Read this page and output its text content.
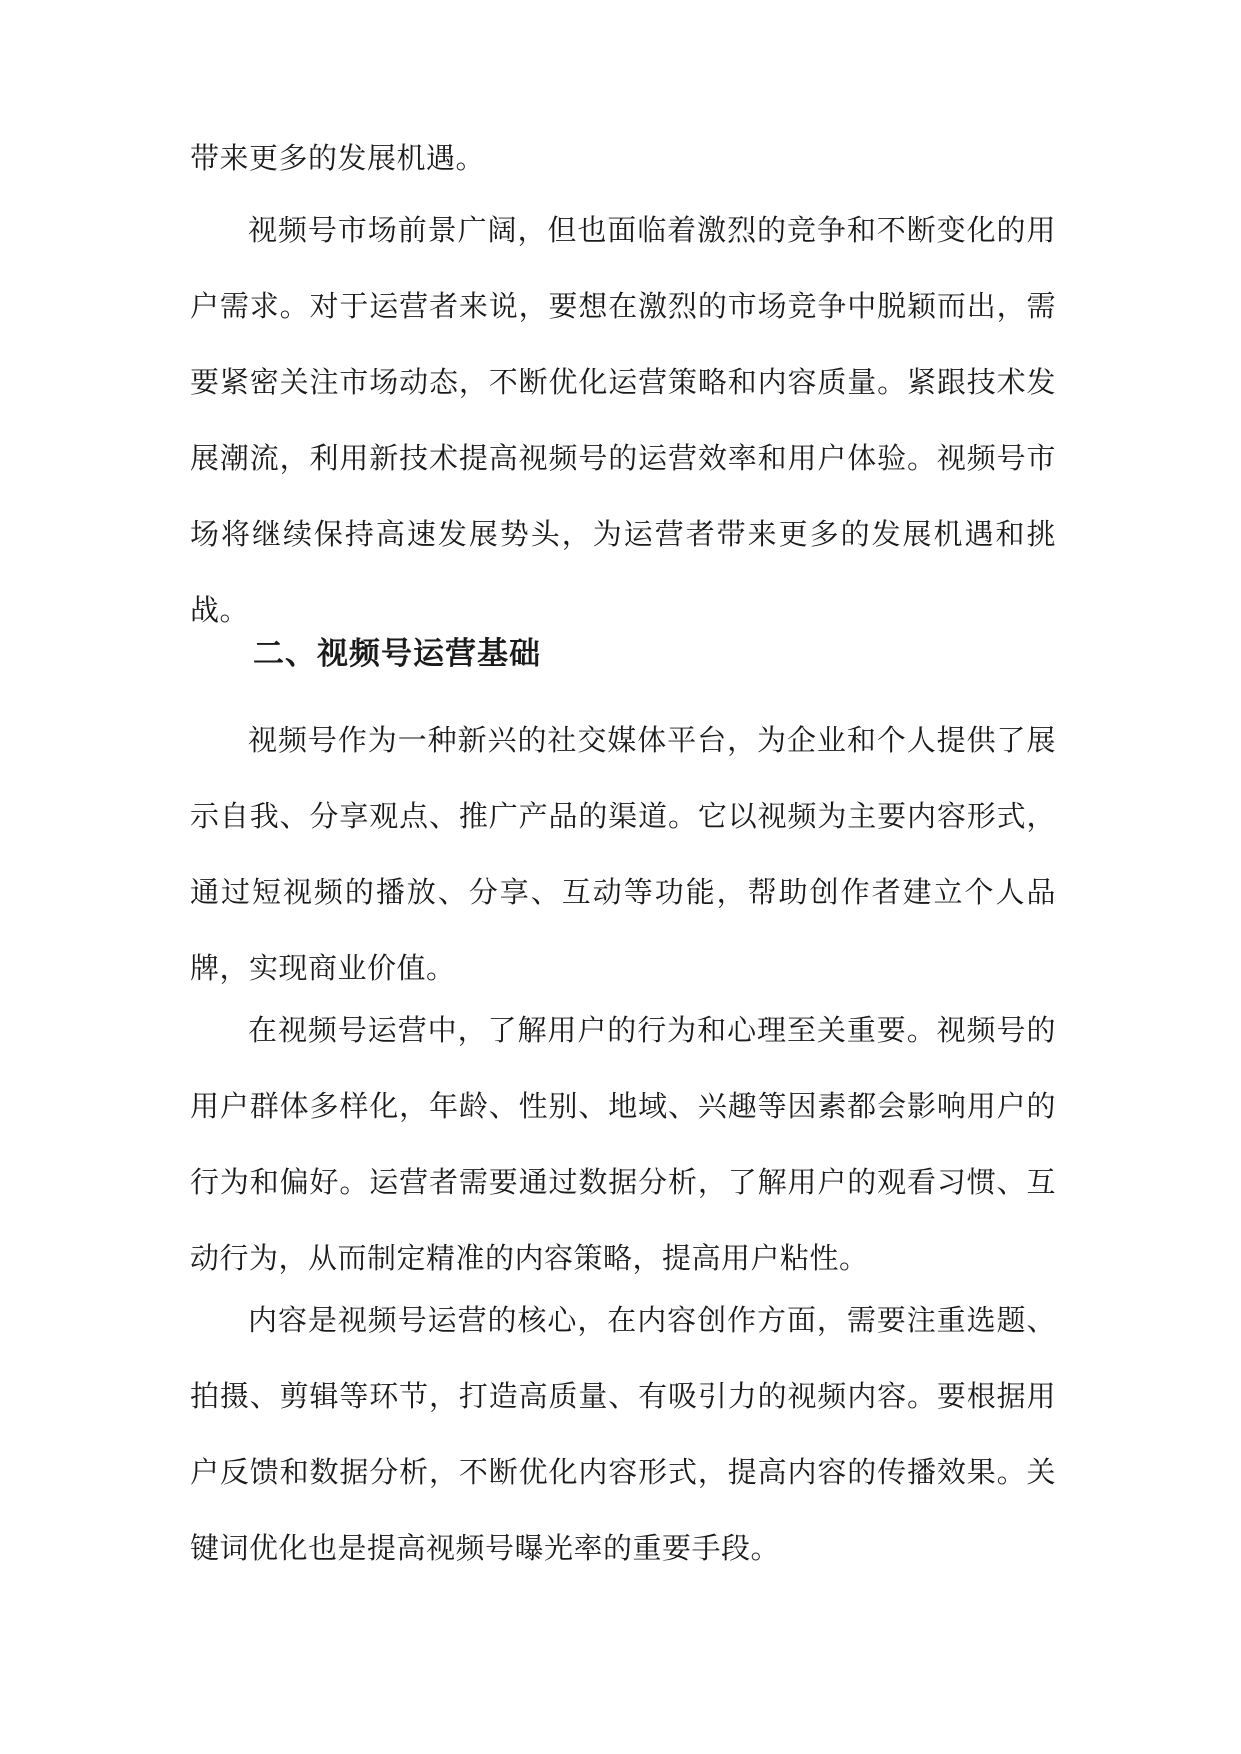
带来更多的发展机遇。

视频号市场前景广阔，但也面临着激烈的竞争和不断变化的用户需求。对于运营者来说，要想在激烈的市场竞争中脱颖而出，需要紧密关注市场动态，不断优化运营策略和内容质量。紧跟技术发展潮流，利用新技术提高视频号的运营效率和用户体验。视频号市场将继续保持高速发展势头，为运营者带来更多的发展机遇和挑战。

二、视频号运营基础

视频号作为一种新兴的社交媒体平台，为企业和个人提供了展示自我、分享观点、推广产品的渠道。它以视频为主要内容形式，通过短视频的播放、分享、互动等功能，帮助创作者建立个人品牌，实现商业价值。

在视频号运营中，了解用户的行为和心理至关重要。视频号的用户群体多样化，年龄、性别、地域、兴趣等因素都会影响用户的行为和偏好。运营者需要通过数据分析，了解用户的观看习惯、互动行为，从而制定精准的内容策略，提高用户粘性。

内容是视频号运营的核心，在内容创作方面，需要注重选题、拍摄、剪辑等环节，打造高质量、有吸引力的视频内容。要根据用户反馈和数据分析，不断优化内容形式，提高内容的传播效果。关键词优化也是提高视频号曝光率的重要手段。
